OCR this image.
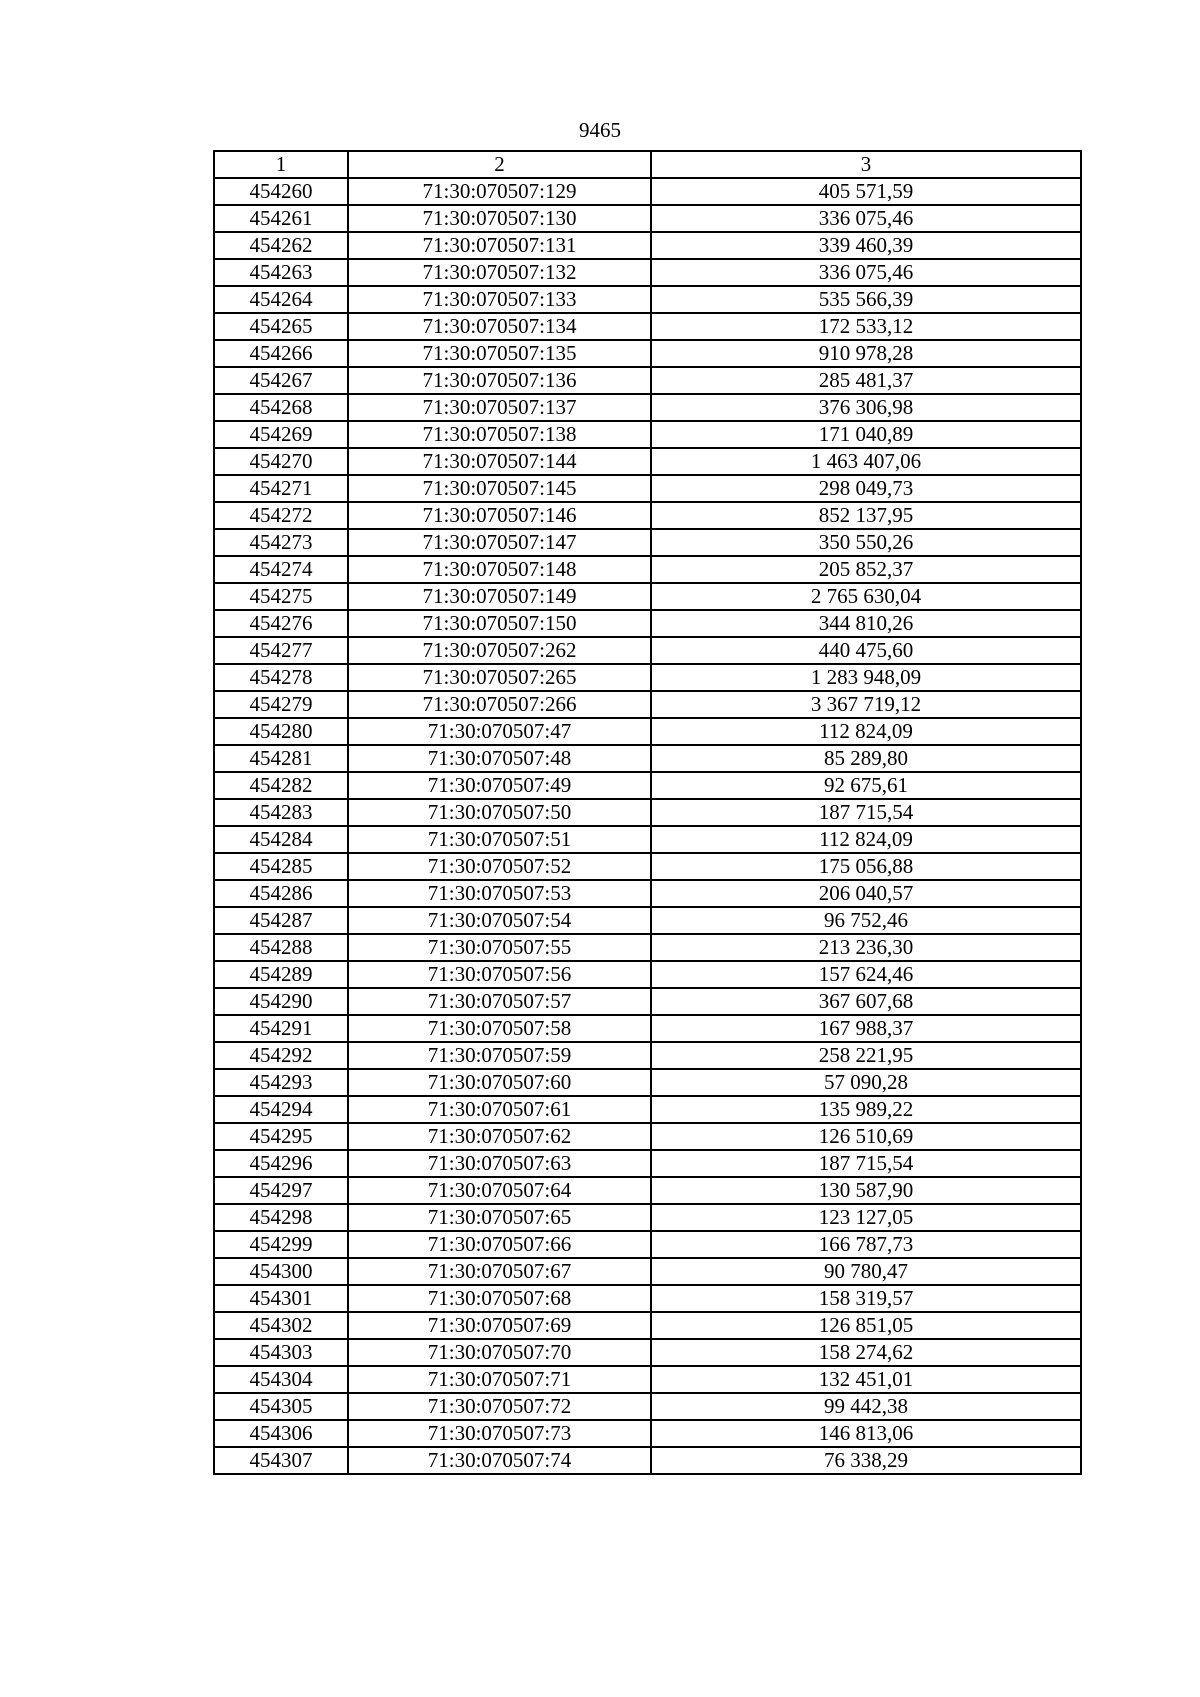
9465
1	2	3
454260	71:30:070507:129	405 571,59
454261	71:30:070507:130	336 075,46
454262	71:30:070507:131	339 460,39
454263	71:30:070507:132	336 075,46
454264	71:30:070507:133	535 566,39
454265	71:30:070507:134	172 533,12
454266	71:30:070507:135	910 978,28
454267	71:30:070507:136	285 481,37
454268	71:30:070507:137	376 306,98
454269	71:30:070507:138	171 040,89
454270	71:30:070507:144	1 463 407,06
454271	71:30:070507:145	298 049,73
454272	71:30:070507:146	852 137,95
454273	71:30:070507:147	350 550,26
454274	71:30:070507:148	205 852,37
454275	71:30:070507:149	2 765 630,04
454276	71:30:070507:150	344 810,26
454277	71:30:070507:262	440 475,60
454278	71:30:070507:265	1 283 948,09
454279	71:30:070507:266	3 367 719,12
454280	71:30:070507:47	112 824,09
454281	71:30:070507:48	85 289,80
454282	71:30:070507:49	92 675,61
454283	71:30:070507:50	187 715,54
454284	71:30:070507:51	112 824,09
454285	71:30:070507:52	175 056,88
454286	71:30:070507:53	206 040,57
454287	71:30:070507:54	96 752,46
454288	71:30:070507:55	213 236,30
454289	71:30:070507:56	157 624,46
454290	71:30:070507:57	367 607,68
454291	71:30:070507:58	167 988,37
454292	71:30:070507:59	258 221,95
454293	71:30:070507:60	57 090,28
454294	71:30:070507:61	135 989,22
454295	71:30:070507:62	126 510,69
454296	71:30:070507:63	187 715,54
454297	71:30:070507:64	130 587,90
454298	71:30:070507:65	123 127,05
454299	71:30:070507:66	166 787,73
454300	71:30:070507:67	90 780,47
454301	71:30:070507:68	158 319,57
454302	71:30:070507:69	126 851,05
454303	71:30:070507:70	158 274,62
454304	71:30:070507:71	132 451,01
454305	71:30:070507:72	99 442,38
454306	71:30:070507:73	146 813,06
454307	71:30:070507:74	76 338,29
